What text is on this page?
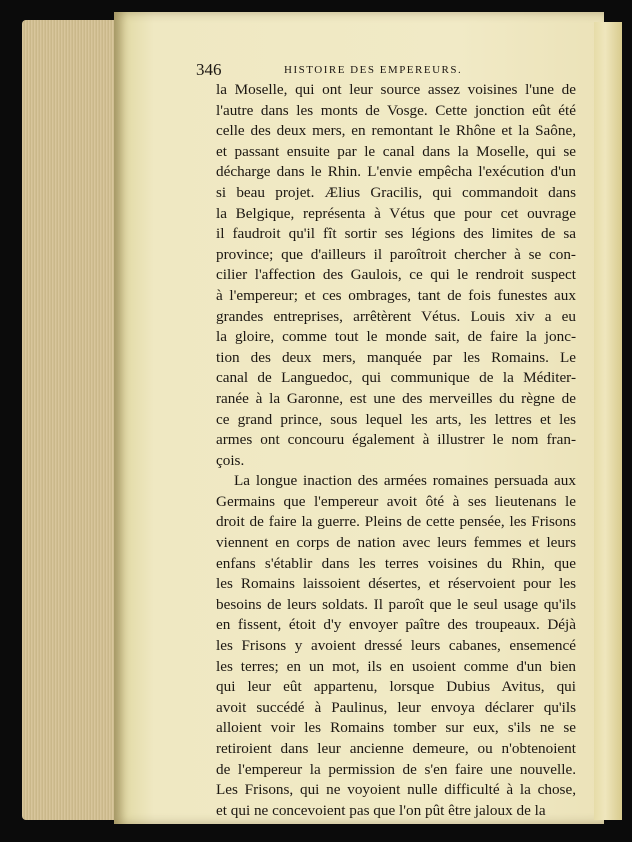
346	HISTOIRE DES EMPEREURS.

la Moselle, qui ont leur source assez voisines l'une de
l'autre dans les monts de Vosge. Cette jonction eût été
celle des deux mers, en remontant le Rhône et la Saône,
et passant ensuite par le canal dans la Moselle, qui se
décharge dans le Rhin. L'envie empêcha l'exécution d'un
si beau projet. Ælius Gracilis, qui commandoit dans
la Belgique, représenta à Vétus que pour cet ouvrage
il faudroit qu'il fît sortir ses légions des limites de sa
province; que d'ailleurs il paroîtroit chercher à se con-
cilier l'affection des Gaulois, ce qui le rendroit suspect
à l'empereur; et ces ombrages, tant de fois funestes aux
grandes entreprises, arrêtèrent Vétus. Louis xiv a eu
la gloire, comme tout le monde sait, de faire la jonc-
tion des deux mers, manquée par les Romains. Le
canal de Languedoc, qui communique de la Méditer-
ranée à la Garonne, est une des merveilles du règne de
ce grand prince, sous lequel les arts, les lettres et les
armes ont concouru également à illustrer le nom fran-
çois.

La longue inaction des armées romaines persuada aux
Germains que l'empereur avoit ôté à ses lieutenans le
droit de faire la guerre. Pleins de cette pensée, les Frisons
viennent en corps de nation avec leurs femmes et leurs
enfans s'établir dans les terres voisines du Rhin, que
les Romains laissoient désertes, et réservoient pour les
besoins de leurs soldats. Il paroît que le seul usage qu'ils
en fissent, étoit d'y envoyer paître des troupeaux. Déjà
les Frisons y avoient dressé leurs cabanes, ensemencé
les terres; en un mot, ils en usoient comme d'un bien
qui leur eût appartenu, lorsque Dubius Avitus, qui
avoit succédé à Paulinus, leur envoya déclarer qu'ils
alloient voir les Romains tomber sur eux, s'ils ne se
retiroient dans leur ancienne demeure, ou n'obtenoient
de l'empereur la permission de s'en faire une nouvelle.
Les Frisons, qui ne voyoient nulle difficulté à la chose,
et qui ne concevoient pas que l'on pût être jaloux de la
